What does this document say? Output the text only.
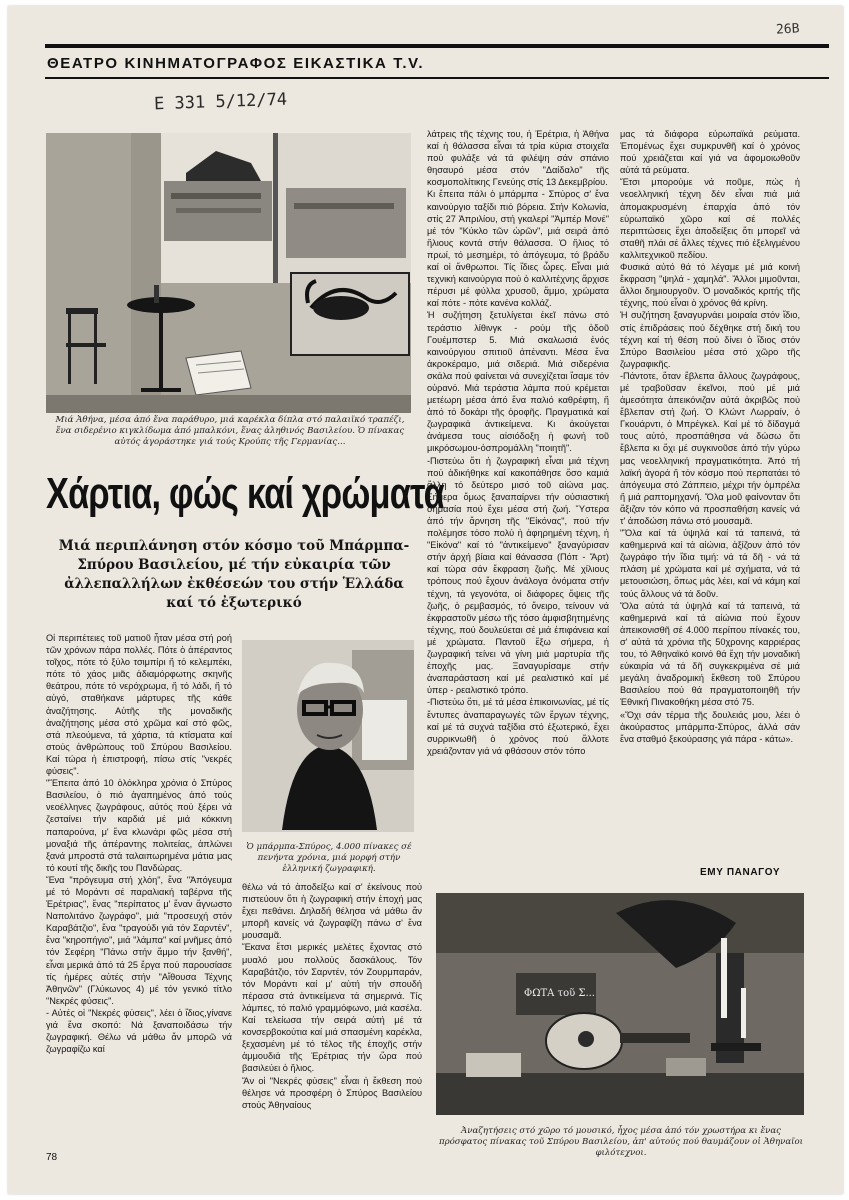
26B
ΘΕΑΤΡΟ ΚΙΝΗΜΑΤΟΓΡΑΦΟΣ ΕΙΚΑΣΤΙΚΑ T.V.
Ε 331 5/12/74
Μιά Ἀθήνα, μέσα ἀπό ἕνα παράθυρο, μιά καρέκλα δίπλα στό παλαιϊκό τραπέζι, ἕνα σιδερένιο κιγκλίδωμα ἀπό μπαλκόνι, ἕνας ἀληθινός Βασιλείου. Ὁ πίνακας αὐτός ἀγοράστηκε γιά τούς Κρούπς τῆς Γερμανίας...
Χάρτια, φώς καί χρώματα
Μιά περιπλάνηση στόν κόσμο τοῦ Μπάρμπα-Σπύρου Βασιλείου, μέ τήν εὐκαιρία τῶν ἀλλεπαλλήλων ἐκθέσεών του στήν Ἑλλάδα καί τό ἐξωτερικό
Οἱ περιπέτειες τοῦ ματιοῦ ἦταν μέσα στή ροή τῶν χρόνων πάρα πολλές. Πότε ὁ ἀπέραντος τοῖχος, πότε τό ξύλο τσιμπίρι ἤ τό κελεμπέκι, πότε τό χάος μιᾶς ἀδιαμόρφωτης σκηνῆς θεάτρου, πότε τό νερόχρωμα, ἤ τό λάδι, ἤ τό αὐγό, σταθήκανε μάρτυρες τῆς κάθε ἀναζήτησης. Αὐτῆς τῆς μοναδικῆς ἀναζήτησης μέσα στό χρῶμα καί στό φῶς, στά πλεούμενα, τά χάρτια, τά κτίσματα καί στούς ἀνθρώπους τοῦ Σπύρου Βασιλείου. Καί τώρα ἡ ἐπιστροφή, πίσω στίς "νεκρές φύσεις".
"Ἔπειτα ἀπό 10 ὁλόκληρα χρόνια ὁ Σπύρος Βασιλείου, ὁ πιό ἀγαπημένος ἀπό τούς νεοέλληνες ζωγράφους, αὐτός πού ξέρει νά ζεσταίνει τήν καρδιά μέ μιά κόκκινη παπαρούνα, μ' ἕνα κλωνάρι φῶς μέσα στή μοναξιά τῆς ἀπέραντης πολιτείας, ἁπλώνει ξανά μπροστά στά ταλαιπωρημένα μάτια μας τό κουτί τῆς δικῆς του Πανδώρας.
Ἕνα "πρόγευμα στή χλόη", ἕνα "Ἀπόγευμα μέ τό Μοράντι σέ παραλιακή ταβέρνα τῆς Ἐρέτριας", ἕνας "περίπατος μ' ἕναν ἄγνωστο Ναπολιτάνο ζωγράφο", μιά "προσευχή στόν Καραβάτζιο", ἕνα "τραγούδι γιά τόν Σαρντέν", ἕνα "κηροπήγιο", μιά "λάμπα" καί μνῆμες ἀπό τόν Σεφέρη "Πάνω στήν ἄμμο τήν ξανθή", εἶναι μερικά ἀπό τά 25 ἔργα πού παρουσίασε τίς ἡμέρες αὐτές στήν "Αἴθουσα Τέχνης Ἀθηνῶν" (Γλύκωνος 4) μέ τόν γενικό τίτλο "Νεκρές φύσεις".
- Αὐτές οἱ "Νεκρές φύσεις", λέει ὁ ἴδιος,γίνανε γιά ἕνα σκοπό: Νά ξαναποιδάσω τήν ζωγραφική. Θέλω νά μάθω ἄν μπορῶ νά ζωγραφίζω καί
Ὁ μπάρμπα-Σπύρος, 4.000 πίνακες σέ πενήντα χρόνια, μιά μορφή στήν ἑλληνική ζωγραφική.
θέλω νά τό ἀποδείξω καί σ' ἐκείνους πού πιστεύουν ὅτι ἡ ζωγραφική στήν ἐποχή μας ἔχει πεθάνει. Δηλαδή θέλησα νά μάθω ἄν μπορῆ κανείς νά ζωγραφίζη πάνω σ' ἕνα μουσαμᾶ.
Ἔκανα ἔτσι μερικές μελέτες ἔχοντας στό μυαλό μου πολλούς δασκάλους. Τόν Καραβάτζιο, τόν Σαρντέν, τόν Ζουρμπαράν, τόν Μοράντι καί μ' αὐτή τήν σπουδή πέρασα στά ἀντικείμενα τά σημερινά. Τίς λάμπες, τό παλιό γραμμόφωνο, μιά κασέλα. Καί τελείωσα τήν σειρά αὐτή μέ τά κονσερβοκούτια καί μιά σπασμένη καρέκλα, ξεχασμένη μέ τό τέλος τῆς ἐποχῆς στήν ἀμμουδιά τῆς Ἐρέτριας τήν ὥρα πού βασιλεύει ὁ ἥλιος.
Ἄν οἱ "Νεκρές φύσεις" εἶναι ἡ ἔκθεση πού θέλησε νά προσφέρη ὁ Σπύρος Βασιλείου στούς Ἀθηναίους
λάτρεις τῆς τέχνης του, ἡ Ἐρέτρια, ἡ Ἀθήνα καί ἡ θάλασσα εἶναι τά τρία κύρια στοιχεῖα πού φυλάξε νά τά φιλέψη σάν σπάνιο θησαυρό μέσα στόν "Δαίδαλο" τῆς κοσμοπολίτικης Γενεύης στίς 13 Δεκεμβρίου.
Κι ἔπειτα πάλι ὁ μπάρμπα - Σπύρος σ' ἕνα καινούργιο ταξίδι πιό βόρεια. Στήν Κολωνία, στίς 27 Ἀπριλίου, στή γκαλερί "Ἀμπέρ Μονέ" μέ τόν "Κύκλο τῶν ὡρῶν", μιά σειρά ἀπό ἥλιους κοντά στήν θάλασσα. Ὁ ἥλιος τό πρωί, τό μεσημέρι, τό ἀπόγευμα, τό βράδυ καί οἱ ἄνθρωποι. Τίς ἴδιες ὧρες. Εἶναι μιά τεχνική καινούργια πού ὁ καλλιτέχνης ἄρχισε πέρυσι μέ φύλλα χρυσοῦ, ἄμμο, χρώματα καί πότε - πότε κανένα κολλάζ.
Ἡ συζήτηση ξετυλίγεται ἐκεῖ πάνω στό τεράστιο λίθινγκ - ρούμ τῆς ὁδοῦ Γουέμπστερ 5. Μιά σκαλωσιά ἑνός καινούργιου σπιτιοῦ ἀπέναντι. Μέσα ἕνα ἀκροκέραμο, μιά σιδεριά. Μιά σιδερένια σκάλα πού φαίνεται νά συνεχίζεται ἴσαμε τόν οὐρανό. Μιά τεράστια λάμπα πού κρέμεται μετέωρη μέσα ἀπό ἕνα παλιό καθρέφτη, ἤ ἀπό τό δοκάρι τῆς ὀροφῆς. Πραγματικά καί ζωγραφικά ἀντικείμενα. Κι ἀκούγεται ἀνάμεσα τους αἰσιόδοξη ἡ φωνή τοῦ μικρόσωμου-ὀσπρομάλλη "ποιητῆ".
-Πιστεύω ὅτι ἡ ζωγραφική εἶναι μιά τέχνη πού ἀδικήθηκε καί κακοπάθησε ὅσο καμιά ἄλλη τό δεύτερο μισό τοῦ αἰώνα μας. Σήμερα ὅμως ξαναπαίρνει τήν οὐσιαστική σημασία πού ἔχει μέσα στή ζωή. Ὕστερα ἀπό τήν ἄρνηση τῆς "Εἰκόνας", πού τήν πολέμησε τόσο πολύ ἡ ἀφηρημένη τέχνη, ἡ "Εἰκόνα" καί τό "ἀντικείμενο" ξαναγύρισαν στήν ἀρχή βίαια καί θάνασσα (Πόπ - Ἄρτ) καί τώρα σάν ἔκφραση ζωῆς. Μέ χίλιους τρόπους πού ἔχουν ἀνάλογα ὀνόματα στήν τέχνη, τά γεγονότα, οἱ διάφορες ὄψεις τῆς ζωῆς, ὁ ρεμβασμός, τό ὄνειρο, τείνουν νά ἐκφραστοῦν μέσω τῆς τόσο ἀμφισβητημένης τέχνης, πού δουλεύεται σέ μιά ἐπιφάνεια καί μέ χρώματα. Παντοῦ ἔξω σήμερα, ἡ ζωγραφική τείνει νά γίνη μιά μαρτυρία τῆς ἐποχῆς μας. Ξαναγυρίσαμε στήν ἀναπαράσταση καί μέ ρεαλιστικό καί μέ ὑπερ - ρεαλιστικό τρόπο.
-Πιστεύω ὅτι, μέ τά μέσα ἐπικοινωνίας, μέ τίς ἔντυπες ἀναπαραγωγές τῶν ἔργων τέχνης, καί μέ τά συχνά ταξίδια στό ἐξωτερικό, ἔχει συρρικνωθῆ ὁ χρόνος πού ἄλλοτε χρειάζονταν γιά νά φθάσουν στόν τόπο
μας τά διάφορα εὐρωπαϊκά ρεύματα. Ἑπομένως ἔχει συμκρυνθῆ καί ὁ χρόνος πού χρειάζεται καί γιά να ἀφομοιωθοῦν αὐτά τά ρεύματα.
Ἔτσι μπορούμε νά ποῦμε, πώς ἡ νεοελληνική τέχνη δέν εἶναι πιά μιά ἀπομακρυσμένη ἐπαρχία ἀπό τόν εὐρωπαϊκό χῶρο καί σέ πολλές περιπτώσεις ἔχει ἀποδείξεις ὅτι μπορεῖ νά σταθῆ πλάι σέ ἄλλες τέχνες πιό ἐξελιγμένου καλλιτεχνικοῦ πεδίου.
Φυσικά αὐτό θά τό λέγαμε μέ μιά κοινή ἔκφραση "ψηλά - χαμηλά". Ἄλλοι μιμοῦνται, ἄλλοι δημιουργοῦν. Ὁ μοναδικός κριτής τῆς τέχνης, πού εἶναι ὁ χρόνος θά κρίνη.
Ἡ συζήτηση ξαναγυρνάει μοιραία στόν ἴδιο, στίς ἐπιδράσεις πού δέχθηκε στή δική του τέχνη καί τή θέση πού δίνει ὁ ἴδιος στόν Σπύρο Βασιλείου μέσα στό χῶρο τῆς ζωγραφικῆς.
-Πάντοτε, ὅταν ἔβλεπα ἄλλους ζωγράφους, μέ τραβοῦσαν ἐκεῖνοι, πού μέ μιά ἀμεσότητα ἀπεικόνιζαν αὐτά ἀκριβῶς πού ἔβλεπαν στή ζωή. Ὁ Κλώντ Λωρραίν, ὁ Γκουάρντι, ὁ Μπρέγκελ. Καί μέ τό δίδαγμά τους αὐτό, προσπάθησα νά δώσω ὅτι ἔβλεπα κι ὄχι μέ συγκινοῦσε ἀπό τήν γύρω μας νεοελληνική πραγματικότητα. Ἀπό τή λαϊκή ἀγορά ἤ τόν κόσμο πού περπατάει τό ἀπόγευμα στό Ζάππειο, μέχρι τήν ὀμπρέλα ἤ μιά ραπτομηχανή. Ὅλα μοῦ φαίνονταν ὅτι ἄξιζαν τόν κόπο νά προσπαθήση κανείς νά τ' ἀποδώση πάνω στό μουσαμᾶ.
"Ὅλα καί τά ὑψηλά καί τά ταπεινά, τά καθημερινά καί τά αἰώνια, ἀξίζουν ἀπό τόν ζωγράφο τήν ἴδια τιμή: νά τά δῆ - νά τά πλάση μέ χρώματα καί μέ σχήματα, νά τά μετουσιώση, ὅπως μάς λέει, καί νά κάμη καί τούς ἄλλους νά τά δοῦν.
Ὅλα αὐτά τά ὑψηλά καί τά ταπεινά, τά καθημερινά καί τά αἰώνια πού ἔχουν ἀπεικονισθῆ σέ 4.000 περίπου πίνακές του, σ' αὐτά τά χρόνια τῆς 50χρονης καρριέρας του, τό Ἀθηναϊκό κοινό θά ἔχη τήν μοναδική εὐκαιρία νά τά δῆ συγκεκριμένα σέ μιά μεγάλη ἀναδρομική ἔκθεση τοῦ Σπύρου Βασιλείου πού θά πραγματοποιηθῆ τήν Ἐθνική Πινακοθήκη μέσα στό 75.
«Ὄχι σάν τέρμα τῆς δουλειάς μου, λέει ὁ ἀκούραστος μπάρμπα-Σπύρος, ἀλλά σάν ἕνα σταθμό ξεκούρασης γιά πάρα - κάτω».
ΕΜΥ ΠΑΝΑΓΟΥ
ΦΩΤΑ τοῦ Σ...
Ἀναζητήσεις στό χῶρο τό μουσικό, ἦχος μέσα ἀπό τόν χρωστήρα κι ἕνας πρόσφατος πίνακας τοῦ Σπύρου Βασιλείου, ἀπ' αὐτούς πού θαυμάζουν οἱ Ἀθηναῖοι φιλότεχνοι.
78
